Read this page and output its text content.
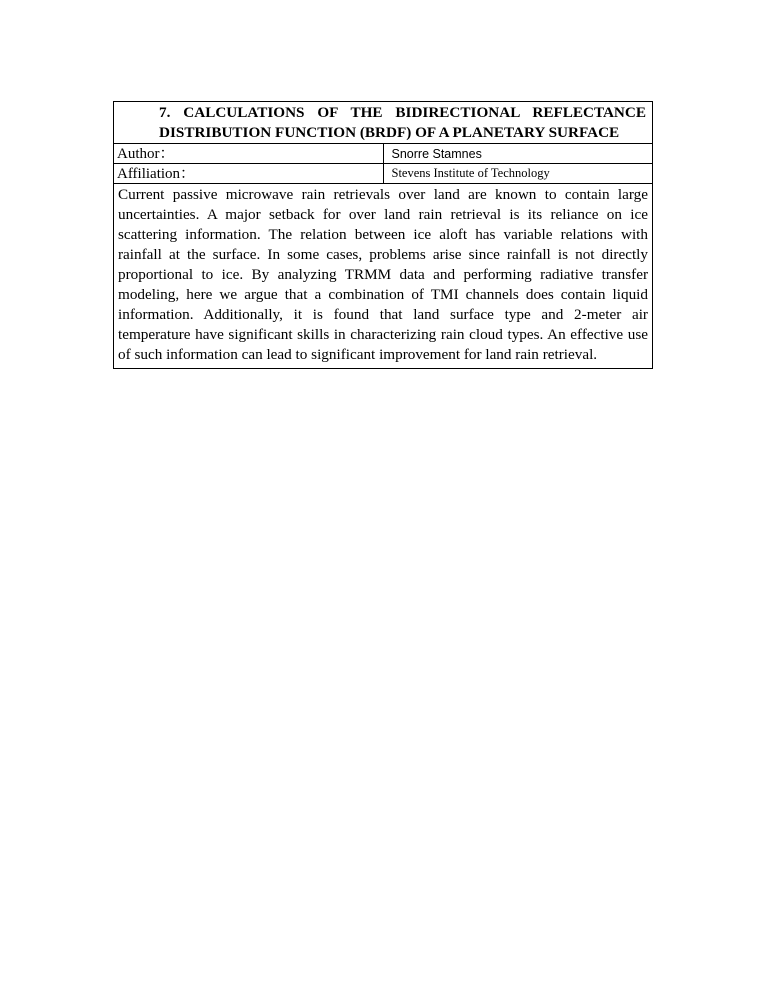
7. CALCULATIONS OF THE BIDIRECTIONAL REFLECTANCE
DISTRIBUTION FUNCTION (BRDF) OF A PLANETARY SURFACE	

Author：	Snorre Stamnes
Affiliation：	Stevens Institute of Technology
Current passive microwave rain retrievals over land are known to contain large uncertainties. A major setback for over land rain retrieval is its reliance on ice scattering information. The relation between ice aloft has variable relations with rainfall at the surface. In some cases, problems arise since rainfall is not directly proportional to ice. By analyzing TRMM data and performing radiative transfer modeling, here we argue that a combination of TMI channels does contain liquid information. Additionally, it is found that land surface type and 2-meter air temperature have significant skills in characterizing rain cloud types. An effective use of such information can lead to significant improvement for land rain retrieval.	
